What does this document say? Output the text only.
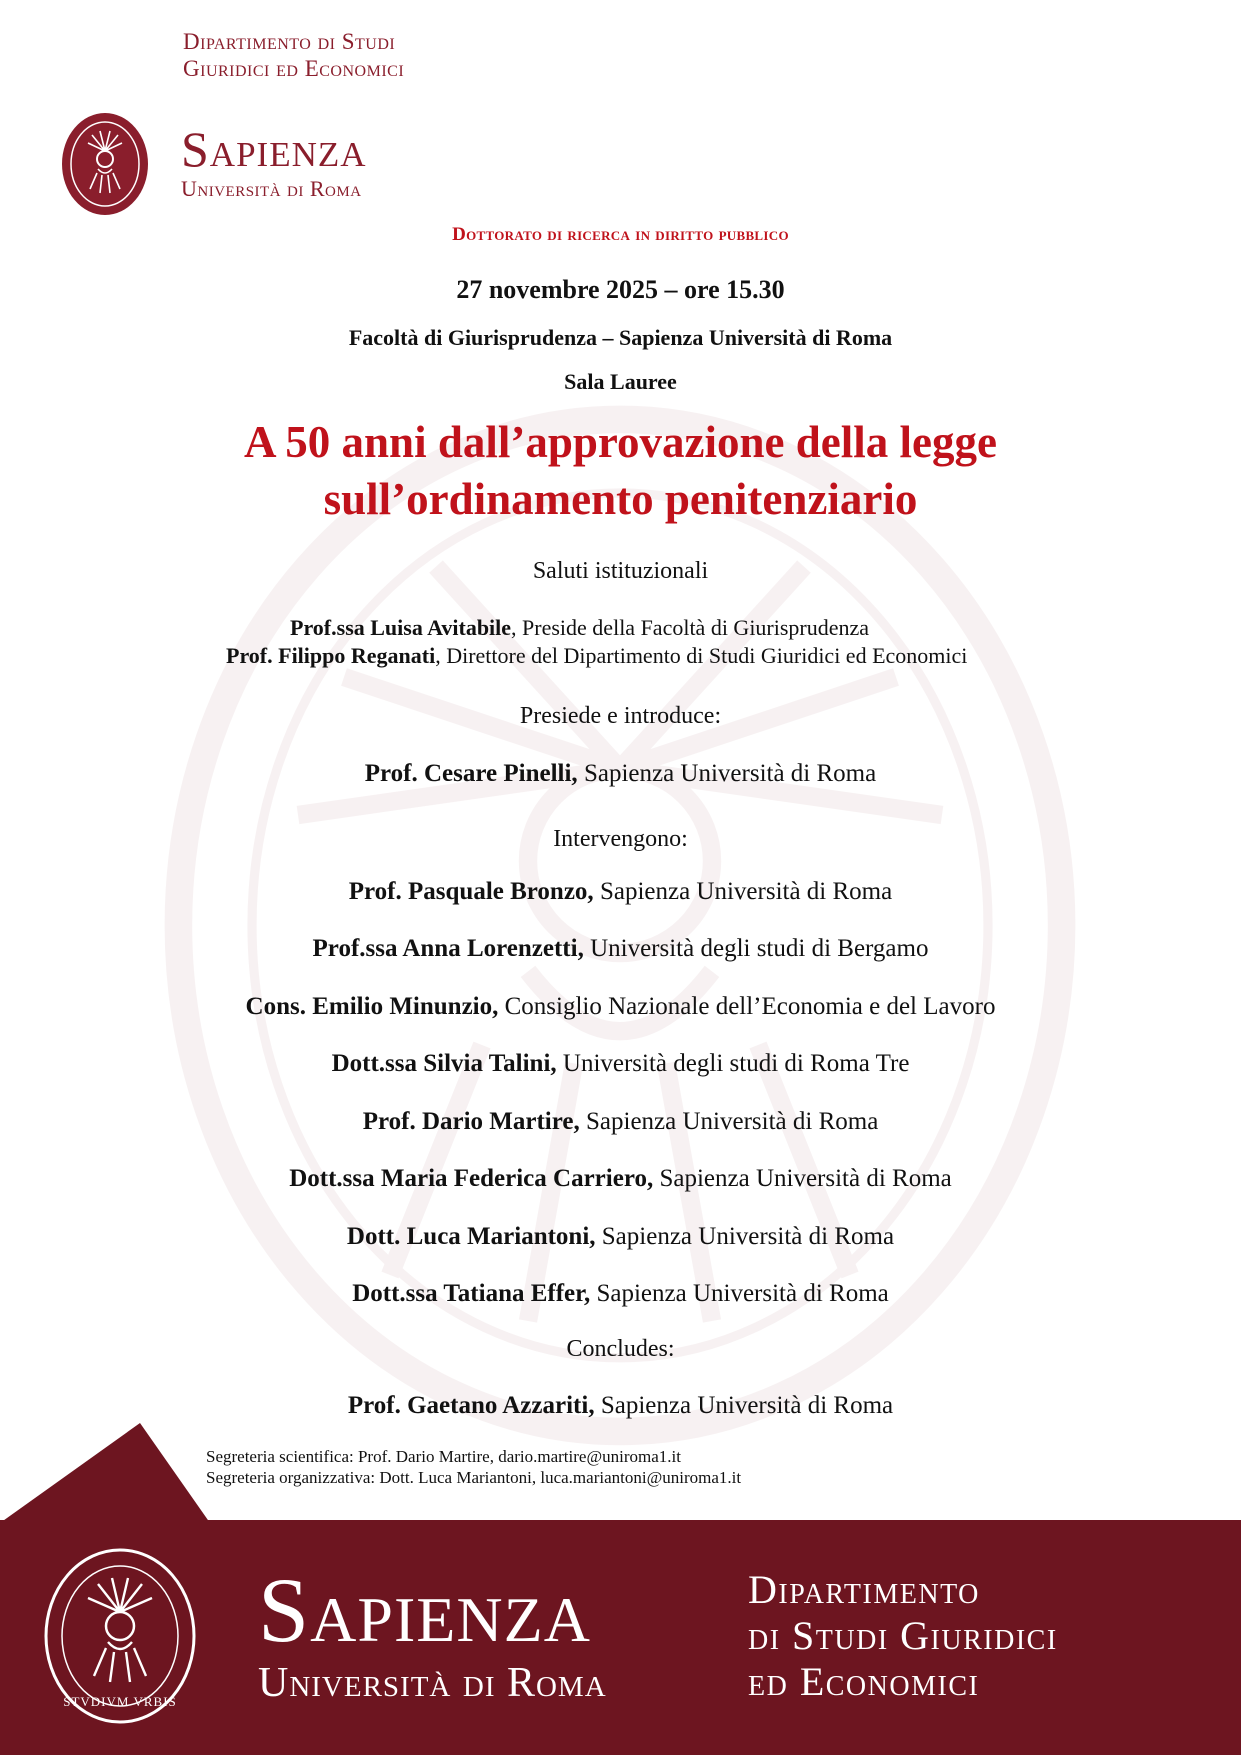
Dipartimento di Studi
Giuridici ed Economici
Sapienza
Università di Roma
Dottorato di ricerca in diritto pubblico
27 novembre 2025 – ore 15.30
Facoltà di Giurisprudenza – Sapienza Università di Roma
Sala Lauree
A 50 anni dall’approvazione della legge
sull’ordinamento penitenziario
Saluti istituzionali
Prof.ssa Luisa Avitabile, Preside della Facoltà di Giurisprudenza
Prof. Filippo Reganati, Direttore del Dipartimento di Studi Giuridici ed Economici
Presiede e introduce:
Prof. Cesare Pinelli, Sapienza Università di Roma
Intervengono:
Prof. Pasquale Bronzo, Sapienza Università di Roma
Prof.ssa Anna Lorenzetti, Università degli studi di Bergamo
Cons. Emilio Minunzio, Consiglio Nazionale dell’Economia e del Lavoro
Dott.ssa Silvia Talini, Università degli studi di Roma Tre
Prof. Dario Martire, Sapienza Università di Roma
Dott.ssa Maria Federica Carriero, Sapienza Università di Roma
Dott. Luca Mariantoni, Sapienza Università di Roma
Dott.ssa Tatiana Effer, Sapienza Università di Roma
Concludes:
Prof. Gaetano Azzariti, Sapienza Università di Roma
Segreteria scientifica: Prof. Dario Martire, dario.martire@uniroma1.it
Segreteria organizzativa: Dott. Luca Mariantoni, luca.mariantoni@uniroma1.it
STVDIVM VRBIS
Sapienza
Università di Roma
Dipartimento
di Studi Giuridici
ed Economici
